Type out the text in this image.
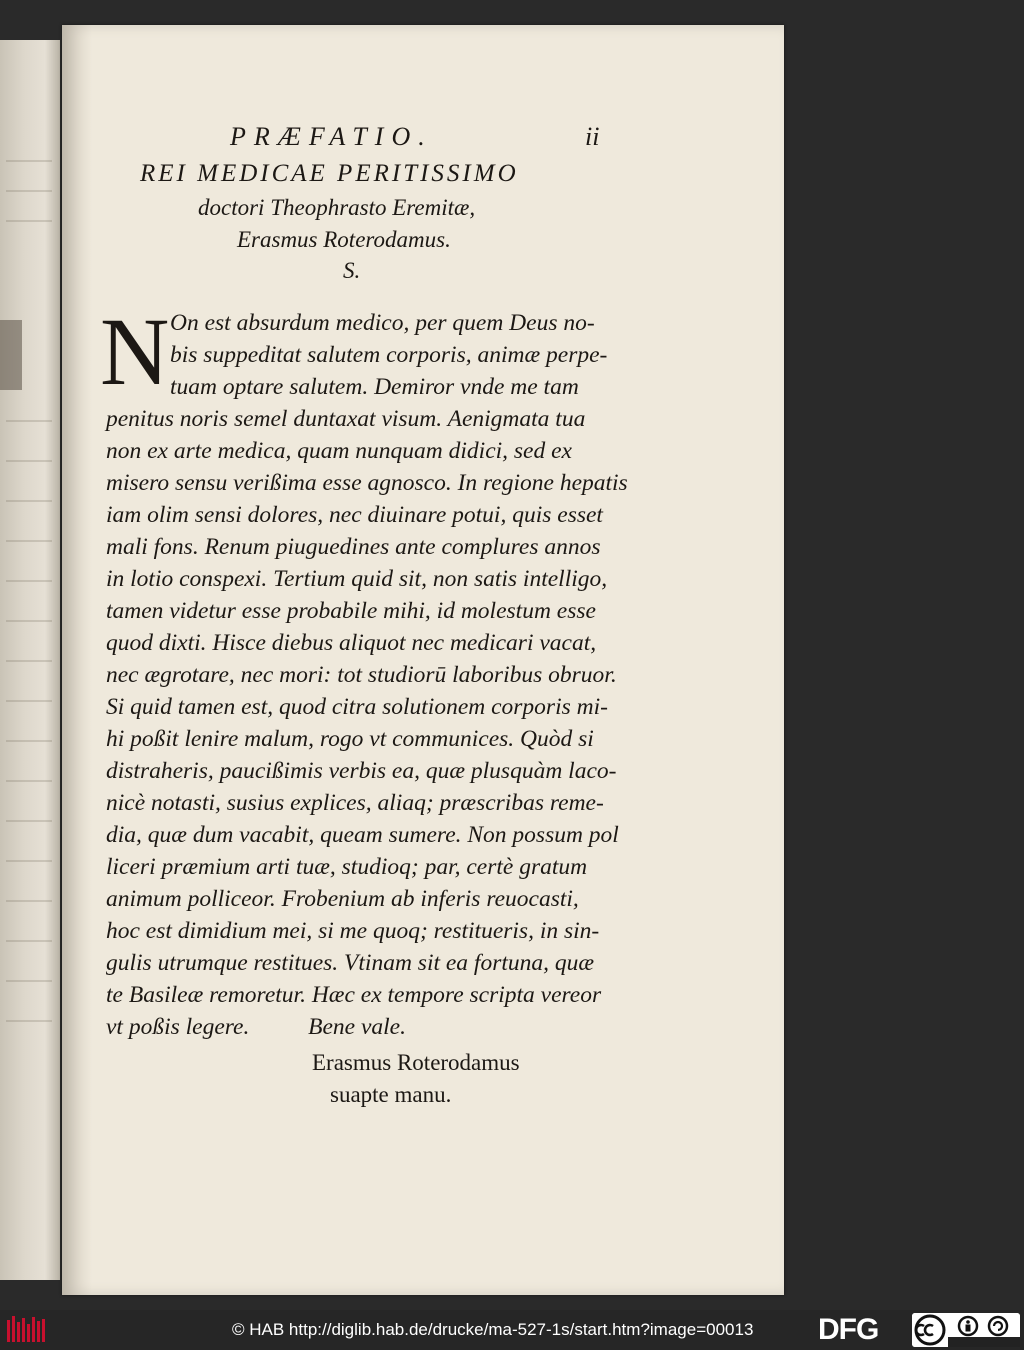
PRÆFATIO.	ii
REI MEDICAE PERITISSIMO
doctori Theophrasto Eremitæ,
Erasmus Roterodamus.
S.
N On est absurdum medico, per quem Deus no-
bis suppeditat salutem corporis, animæ perpe-
tuam optare salutem. Demiror vnde me tam
penitus noris semel duntaxat visum. Aenigmata tua
non ex arte medica, quam nunquam didici, sed ex
misero sensu verißima esse agnosco. In regione hepatis
iam olim sensi dolores, nec diuinare potui, quis esset
mali fons. Renum piuguedines ante complures annos
in lotio conspexi. Tertium quid sit, non satis intelligo,
tamen videtur esse probabile mihi, id molestum esse
quod dixti. Hisce diebus aliquot nec medicari vacat,
nec ægrotare, nec mori: tot studiorū laboribus obruor.
Si quid tamen est, quod citra solutionem corporis mi-
hi poßit lenire malum, rogo vt communices. Quòd si
distraheris, paucißimis verbis ea, quæ plusquàm laco-
nicè notasti, susius explices, aliaq; præscribas reme-
dia, quæ dum vacabit, queam sumere. Non possum pol
liceri præmium arti tuæ, studioq; par, certè gratum
animum polliceor. Frobenium ab inferis reuocasti,
hoc est dimidium mei, si me quoq; restitueris, in sin-
gulis utrumque restitues. Vtinam sit ea fortuna, quæ
te Basileæ remoretur. Hæc ex tempore scripta vereor
vt poßis legere.          Bene vale.
Erasmus Roterodamus
suapte manu.
© HAB http://diglib.hab.de/drucke/ma-527-1s/start.htm?image=00013 DFG
